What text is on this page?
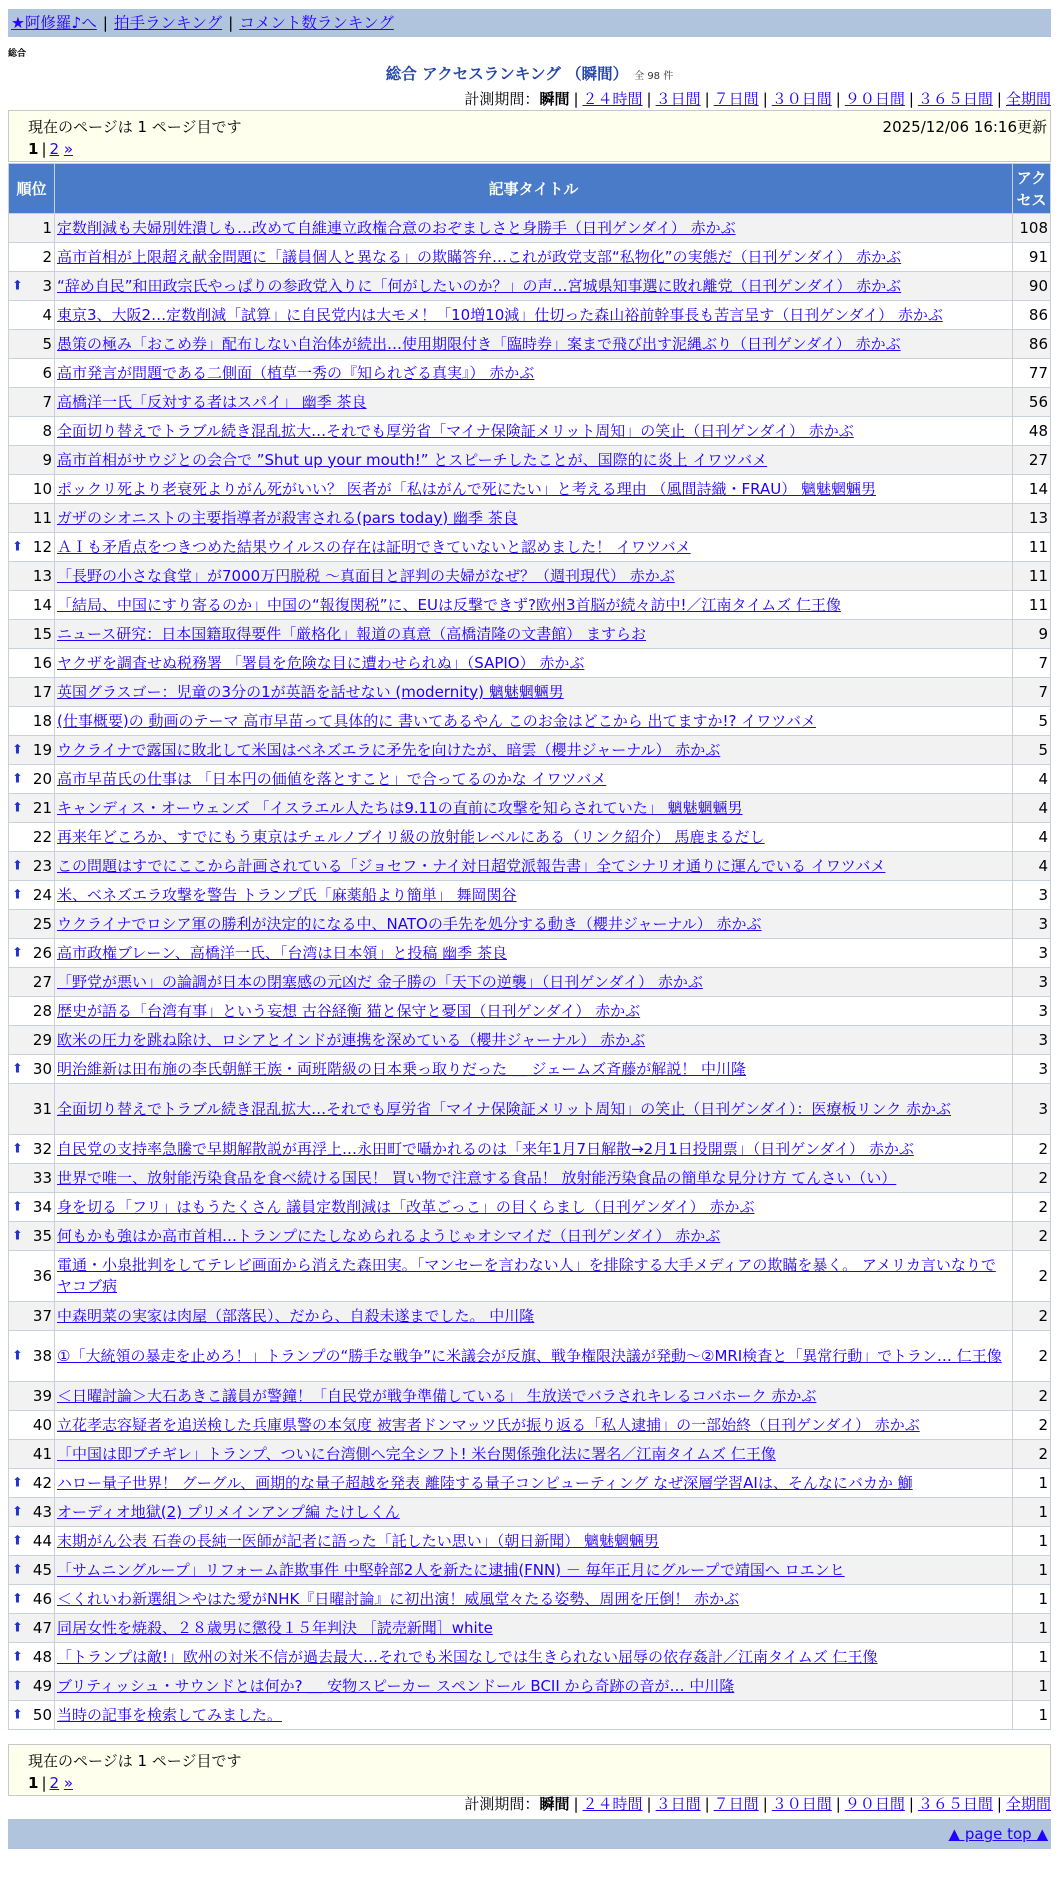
★阿修羅♪へ | 拍手ランキング | コメント数ランキング
総合
総合 アクセスランキング （瞬間） 全 98 件
計測期間：瞬間 | ２４時間 | ３日間 | ７日間 | ３０日間 | ９０日間 | ３６５日間 | 全期間
現在のページは 1 ページ目です	2025/12/06 16:16更新
1 | 2 »
順位	記事タイトル	アクセス
1	定数削減も夫婦別姓潰しも…改めて自維連立政権合意のおぞましさと身勝手（日刊ゲンダイ） 赤かぶ	108
2	高市首相が上限超え献金問題に「議員個人と異なる」の欺瞞答弁…これが政党支部“私物化”の実態だ（日刊ゲンダイ） 赤かぶ	91

⬆ 3	“辞め自民”和田政宗氏やっぱりの参政党入りに「何がしたいのか？」の声…宮城県知事選に敗れ離党（日刊ゲンダイ） 赤かぶ	90
4	東京3、大阪2…定数削減「試算」に自民党内は大モメ！「10増10減」仕切った森山裕前幹事長も苦言呈す（日刊ゲンダイ） 赤かぶ	86
5	愚策の極み「おこめ券」配布しない自治体が続出…使用期限付き「臨時券」案まで飛び出す泥縄ぶり（日刊ゲンダイ） 赤かぶ	86
6	高市発言が問題である二側面（植草一秀の『知られざる真実』） 赤かぶ	77
7	高橋洋一氏「反対する者はスパイ」 幽季 茶良	56
8	全面切り替えでトラブル続き混乱拡大…それでも厚労省「マイナ保険証メリット周知」の笑止（日刊ゲンダイ） 赤かぶ	48
9	高市首相がサウジとの会合で ”Shut up your mouth!” とスピーチしたことが、国際的に炎上 イワツバメ	27
10	ポックリ死より老衰死よりがん死がいい？ 医者が「私はがんで死にたい」と考える理由 （風間詩織・FRAU） 魑魅魍魎男	14
11	ガザのシオニストの主要指導者が殺害される(pars today) 幽季 茶良	13

⬆ 12	ＡＩも矛盾点をつきつめた結果ウイルスの存在は証明できていないと認めました！ イワツバメ	11
13	「長野の小さな食堂」が7000万円脱税 ～真面目と評判の夫婦がなぜ？（週刊現代） 赤かぶ	11
14	「結局、中国にすり寄るのか」中国の“報復関税”に、EUは反撃できず?欧州3首脳が続々訪中!／江南タイムズ 仁王像	11
15	ニュース研究：日本国籍取得要件「厳格化」報道の真意（高橋清隆の文書館） ますらお	9
16	ヤクザを調査せぬ税務署 「署員を危険な目に遭わせられぬ」（SAPIO） 赤かぶ	7
17	英国グラスゴー：児童の3分の1が英語を話せない (modernity) 魑魅魍魎男	7
18	(仕事概要)の 動画のテーマ 高市早苗って具体的に 書いてあるやん このお金はどこから 出てますか!? イワツバメ	5

⬆ 19	ウクライナで露国に敗北して米国はベネズエラに矛先を向けたが、暗雲（櫻井ジャーナル） 赤かぶ	5

⬆ 20	高市早苗氏の仕事は 「日本円の価値を落とすこと」で合ってるのかな イワツバメ	4

⬆ 21	キャンディス・オーウェンズ 「イスラエル人たちは9.11の直前に攻撃を知らされていた」 魑魅魍魎男	4
22	再来年どころか、すでにもう東京はチェルノブイリ級の放射能レベルにある（リンク紹介） 馬鹿まるだし	4

⬆ 23	この問題はすでにここから計画されている「ジョセフ・ナイ対日超党派報告書」全てシナリオ通りに運んでいる イワツバメ	4

⬆ 24	米、ベネズエラ攻撃を警告 トランプ氏「麻薬船より簡単」 舞岡関谷	3
25	ウクライナでロシア軍の勝利が決定的になる中、NATOの手先を処分する動き（櫻井ジャーナル） 赤かぶ	3

⬆ 26	高市政権ブレーン、高橋洋一氏、「台湾は日本領」と投稿 幽季 茶良	3
27	「野党が悪い」の論調が日本の閉塞感の元凶だ 金子勝の「天下の逆襲」（日刊ゲンダイ） 赤かぶ	3
28	歴史が語る「台湾有事」という妄想 古谷経衡 猫と保守と憂国（日刊ゲンダイ） 赤かぶ	3
29	欧米の圧力を跳ね除け、ロシアとインドが連携を深めている（櫻井ジャーナル） 赤かぶ	3

⬆ 30	明治維新は田布施の李氏朝鮮王族・両班階級の日本乗っ取りだった ＿ ジェームズ斉藤が解説！ 中川隆	3
31	全面切り替えでトラブル続き混乱拡大…それでも厚労省「マイナ保険証メリット周知」の笑止（日刊ゲンダイ）：医療板リンク 赤かぶ	3

⬆ 32	自民党の支持率急騰で早期解散説が再浮上…永田町で囁かれるのは「来年1月7日解散→2月1日投開票」（日刊ゲンダイ） 赤かぶ	2
33	世界で唯一、放射能汚染食品を食べ続ける国民！ 買い物で注意する食品！ 放射能汚染食品の簡単な見分け方 てんさい（い）	2

⬆ 34	身を切る「フリ」はもうたくさん 議員定数削減は「改革ごっこ」の目くらまし（日刊ゲンダイ） 赤かぶ	2

⬆ 35	何もかも強はか高市首相…トランプにたしなめられるようじゃオシマイだ（日刊ゲンダイ） 赤かぶ	2
36	電通・小泉批判をしてテレビ画面から消えた森田実。「マンセーを言わない人」を排除する大手メディアの欺瞞を暴く。 アメリカ言いなりでヤコブ病	2
37	中森明菜の実家は肉屋（部落民）、だから、自殺未遂までした。 中川隆	2

⬆ 38	①「大統領の暴走を止めろ！」トランプの“勝手な戦争”に米議会が反旗、戦争権限決議が発動～②MRI検査と「異常行動」でトラン… 仁王像	2
39	＜日曜討論＞大石あきこ議員が警鐘！「自民党が戦争準備している」 生放送でバラされキレるコバホーク 赤かぶ	2
40	立花孝志容疑者を追送検した兵庫県警の本気度 被害者ドンマッツ氏が振り返る「私人逮捕」の一部始終（日刊ゲンダイ） 赤かぶ	2
41	「中国は即ブチギレ」トランプ、ついに台湾側へ完全シフト! 米台関係強化法に署名／江南タイムズ 仁王像	2

⬆ 42	ハロー量子世界！ グーグル、画期的な量子超越を発表 離陸する量子コンピューティング なぜ深層学習AIは、そんなにバカか 鰤	1

⬆ 43	オーディオ地獄(2) プリメインアンプ編 たけしくん	1

⬆ 44	末期がん公表 石巻の長純一医師が記者に語った「託したい思い」（朝日新聞） 魑魅魍魎男	1

⬆ 45	「サムニングループ」リフォーム詐欺事件 中堅幹部2人を新たに逮捕(FNN) － 毎年正月にグループで靖国へ ロエンヒ	1

⬆ 46	＜くれいわ新選組＞やはた愛がNHK『日曜討論』に初出演！威風堂々たる姿勢、周囲を圧倒！ 赤かぶ	1

⬆ 47	同居女性を焼殺、２８歳男に懲役１５年判決 ［読売新聞］white	1

⬆ 48	「トランプは敵!」欧州の対米不信が過去最大…それでも米国なしでは生きられない屈辱の依存姦計／江南タイムズ 仁王像	1

⬆ 49	ブリティッシュ・サウンドとは何か? ＿ 安物スピーカー スペンドール BCII から奇跡の音が… 中川隆	1

⬆ 50	当時の記事を検索してみました。	1
現在のページは 1 ページ目です
1 | 2 »
計測期間：瞬間 | ２４時間 | ３日間 | ７日間 | ３０日間 | ９０日間 | ３６５日間 | 全期間
▲ page top ▲
